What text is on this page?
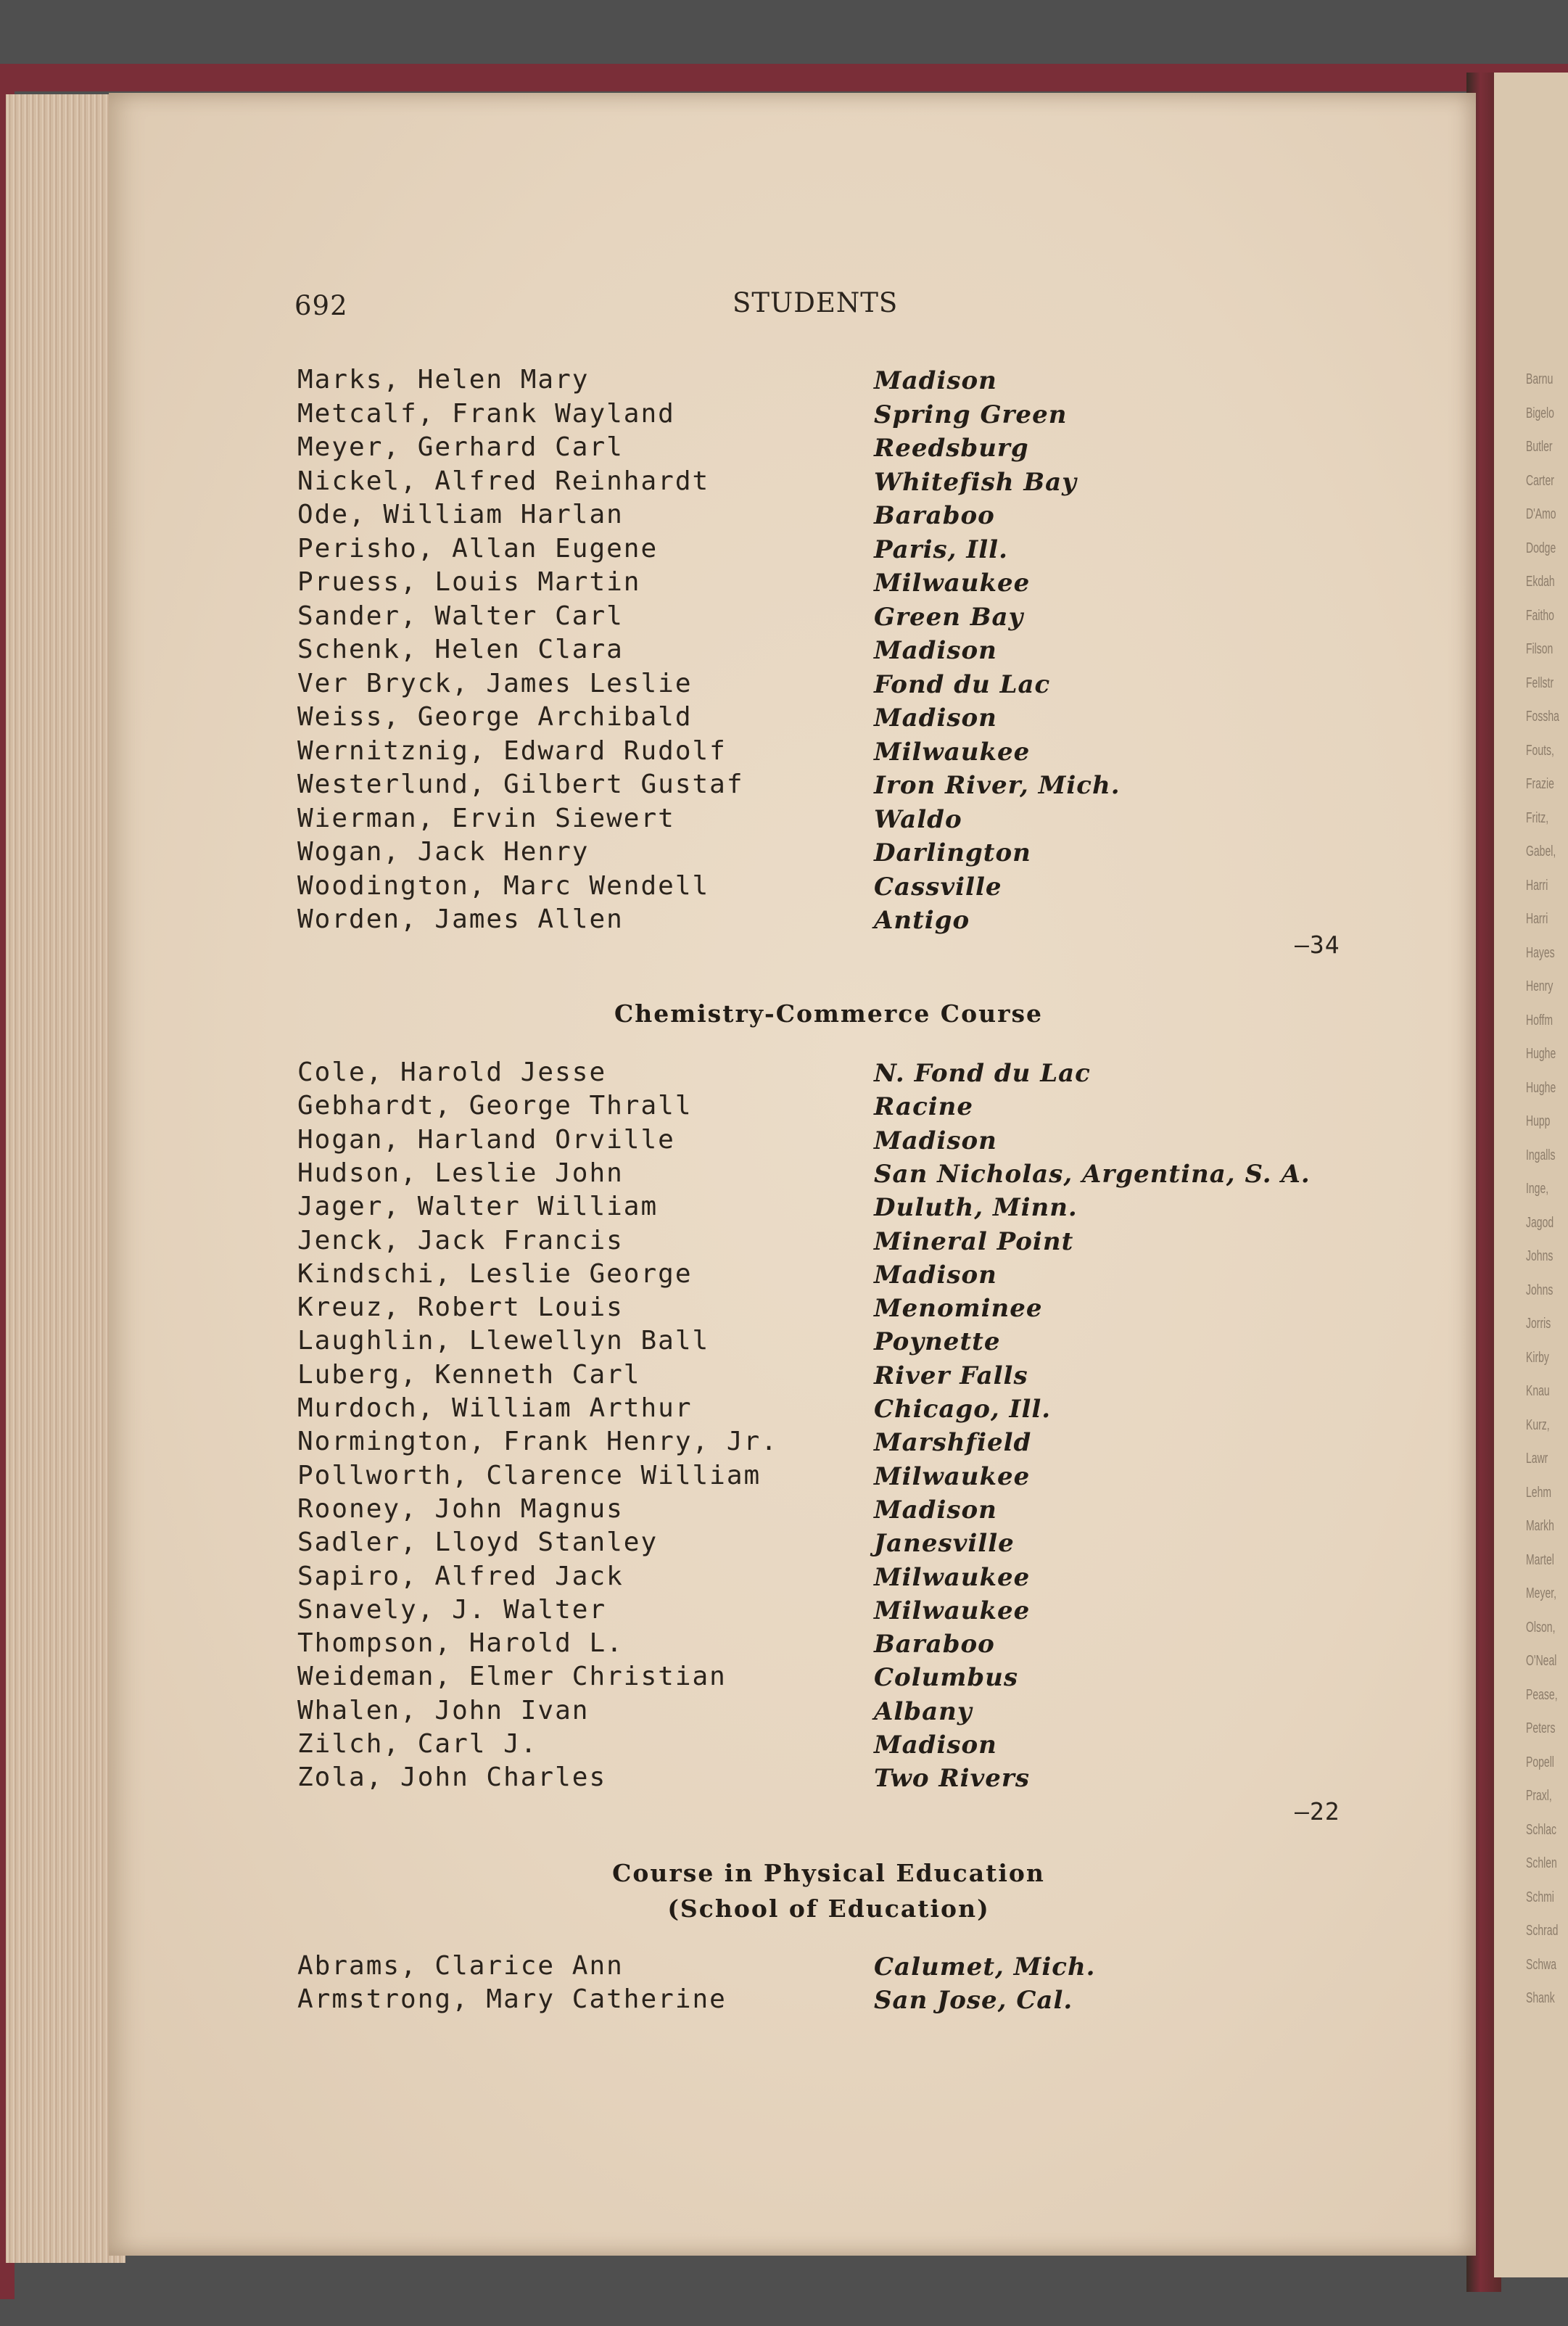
Barnu
Bigelo
Butler
Carter
D'Amo
Dodge
Ekdah
Faitho
Filson
Fellstr
Fossha
Fouts,
Frazie
Fritz,
Gabel,
Harri
Harri
Hayes
Henry
Hoffm
Hughe
Hughe
Hupp
Ingalls
Inge,
Jagod
Johns
Johns
Jorris
Kirby
Knau
Kurz,
Lawr
Lehm
Markh
Martel
Meyer,
Olson,
O'Neal
Pease,
Peters
Popell
Praxl,
Schlac
Schlen
Schmi
Schrad
Schwa
Shank
692	STUDENTS
Marks, Helen Mary	Madison
Metcalf, Frank Wayland	Spring Green
Meyer, Gerhard Carl	Reedsburg
Nickel, Alfred Reinhardt	Whitefish Bay
Ode, William Harlan	Baraboo
Perisho, Allan Eugene	Paris, Ill.
Pruess, Louis Martin	Milwaukee
Sander, Walter Carl	Green Bay
Schenk, Helen Clara	Madison
Ver Bryck, James Leslie	Fond du Lac
Weiss, George Archibald	Madison
Wernitznig, Edward Rudolf	Milwaukee
Westerlund, Gilbert Gustaf	Iron River, Mich.
Wierman, Ervin Siewert	Waldo
Wogan, Jack Henry	Darlington
Woodington, Marc Wendell	Cassville
Worden, James Allen	Antigo
—34
Chemistry-Commerce Course
Cole, Harold Jesse	N. Fond du Lac
Gebhardt, George Thrall	Racine
Hogan, Harland Orville	Madison
Hudson, Leslie John	San Nicholas, Argentina, S. A.
Jager, Walter William	Duluth, Minn.
Jenck, Jack Francis	Mineral Point
Kindschi, Leslie George	Madison
Kreuz, Robert Louis	Menominee
Laughlin, Llewellyn Ball	Poynette
Luberg, Kenneth Carl	River Falls
Murdoch, William Arthur	Chicago, Ill.
Normington, Frank Henry, Jr.	Marshfield
Pollworth, Clarence William	Milwaukee
Rooney, John Magnus	Madison
Sadler, Lloyd Stanley	Janesville
Sapiro, Alfred Jack	Milwaukee
Snavely, J. Walter	Milwaukee
Thompson, Harold L.	Baraboo
Weideman, Elmer Christian	Columbus
Whalen, John Ivan	Albany
Zilch, Carl J.	Madison
Zola, John Charles	Two Rivers
—22
Course in Physical Education
(School of Education)
Abrams, Clarice Ann	Calumet, Mich.
Armstrong, Mary Catherine	San Jose, Cal.
